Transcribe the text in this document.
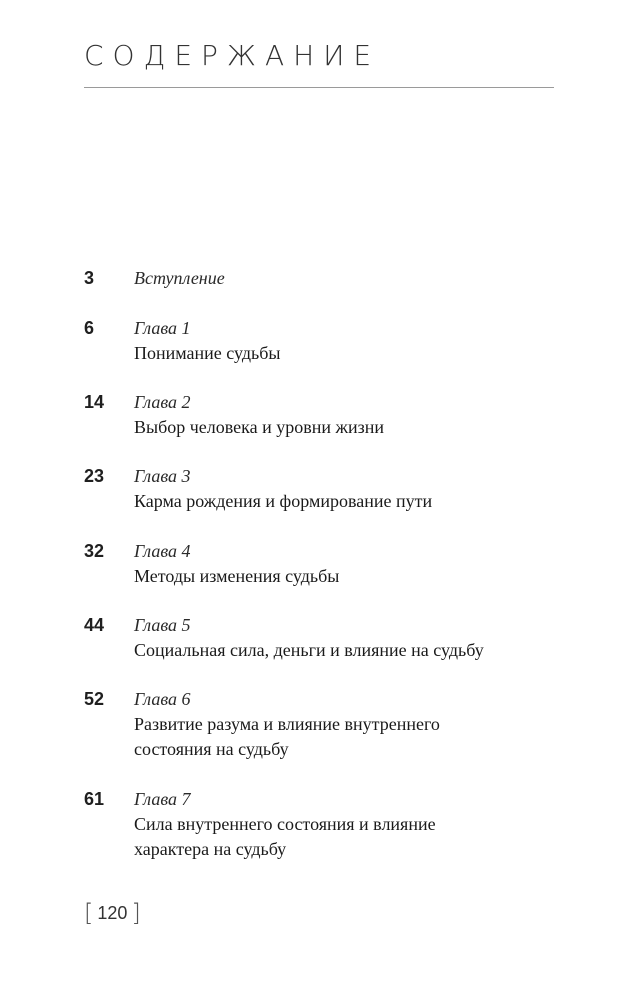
СОДЕРЖАНИЕ
3 Вступление
6 Глава 1
Понимание судьбы
14 Глава 2
Выбор человека и уровни жизни
23 Глава 3
Карма рождения и формирование пути
32 Глава 4
Методы изменения судьбы
44 Глава 5
Социальная сила, деньги и влияние на судьбу
52 Глава 6
Развитие разума и влияние внутреннего
состояния на судьбу
61 Глава 7
Сила внутреннего состояния и влияние
характера на судьбу
[ 120 ]
